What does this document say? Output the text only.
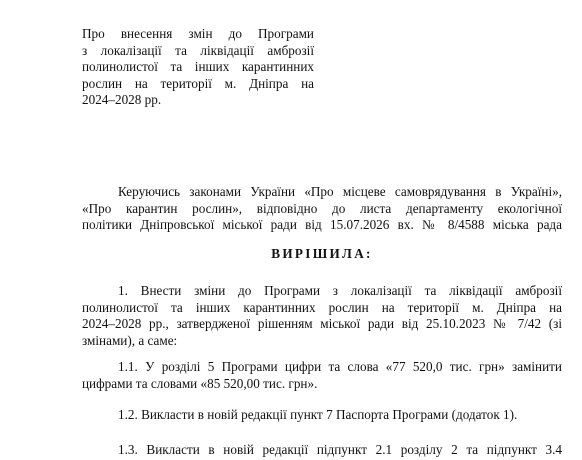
Про внесення змін до Програми
з локалізації та ліквідації амброзії
полинолистої та інших карантинних
рослин на території м. Дніпра на
2024–2028 рр.
Керуючись законами України «Про місцеве самоврядування в Україні»,
«Про карантин рослин», відповідно до листа департаменту екологічної
політики Дніпровської міської ради від 15.07.2026 вх. № 8/4588 міська рада
ВИРІШИЛА:
1. Внести зміни до Програми з локалізації та ліквідації амброзії
полинолистої та інших карантинних рослин на території м. Дніпра на
2024–2028 рр., затвердженої рішенням міської ради від 25.10.2023 № 7/42 (зі
змінами), а саме:
1.1. У розділі 5 Програми цифри та слова «77 520,0 тис. грн» замінити
цифрами та словами «85 520,00 тис. грн».
1.2. Викласти в новій редакції пункт 7 Паспорта Програми (додаток 1).
1.3. Викласти в новій редакції підпункт 2.1 розділу 2 та підпункт 3.4
